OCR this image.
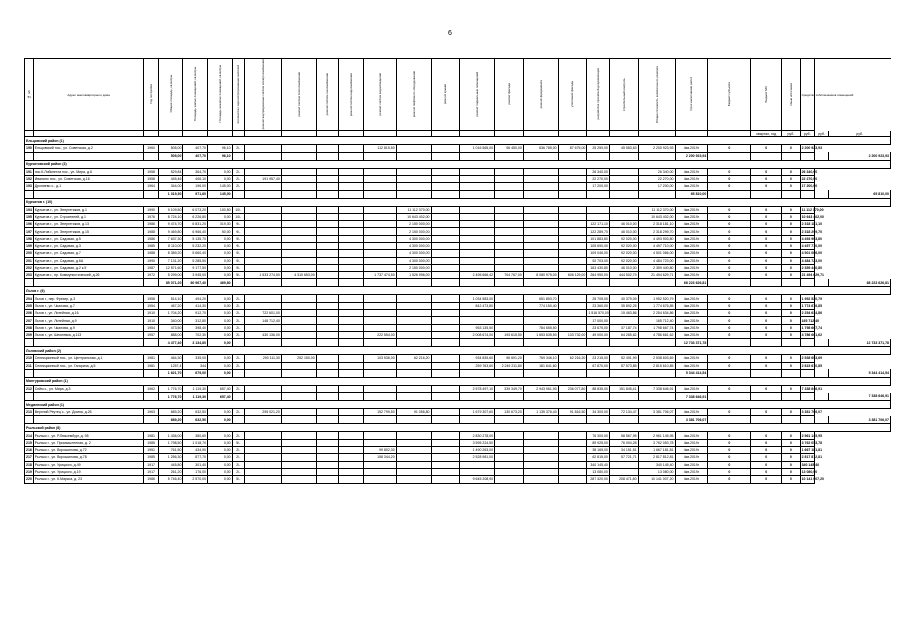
6
№ п/п	Адрес многоквартирного дома	Год постройки	Общая площадь, кв.метры	Площадь жилых помещений, кв.метры	Площадь нежилых помещений, кв.метры	Количество зарегистрированных жителей	ремонт внутридомовых систем электроснабжения	ремонт систем теплоснабжения	ремонт систем газоснабжения	ремонт систем водоснабжения	ремонт систем водоотведения	ремонт лифтового оборудования	ремонт крыши	ремонт подвальных помещений	ремонт фасада	ремонт фундамента	утепление фасада	разработка проектной документации	строительный контроль	Общая стоимость капитального ремонта	Срок выполнения работ	Бюджет субъекта	Бюджет МО	Иные источники	Средства собственников помещений		
																							квартал, год	руб.	руб.	руб.	руб.
Ельцовский район (1)																											
190	Ельцовский пос., ул. Советская, д.2	1960	505,00	407,70	96,10	2/-					112 815,50			1 016 565,00	96 450,00	636 785,00	87 675,00	25 259,00	45 583,63	2 200 923,93	4кв.2019г	0	0	0	2 200 923,93		
			505,00	407,70	96,10																2 200 923,93						2 200 923,93
Курчатовский район (3)																											
191	пос.К.Либкнехта пос., ул. Мира, д.6	1958	529,84	364,70	0,00	2/-												26 340,00		26 340,00	4кв.2019г	0	0	0	26 340,00		
192	Иванино пос., ул. Советская, д.16	1958	445,46	406,10	0,00	2/-	191 957,40											22 270,00		22 270,00	4кв.2019г	0	0	0	22 270,00		
193	Дроняево с., д.1	1964	344,00	196,00	145,00	2/-												17 200,00		17 200,00	4кв.2019г	0	0	0	17 200,00		
			1 319,30	971,60	145,00																65 810,00						65 810,00
Курчатов г. (10)																											
194	Курчатов г., ул. Энергетиков, д.1	1990	9 109,50	6 073,20	100,50	10/-						11 112 370,00								11 112 370,00	4кв.2019г	0	0	0	11 112 370,00		
195	Курчатов г., ул. Строителей, д.1	1976	8 724,10	6 226,80	0,00	10/-						10 643 402,00								10 643 402,00	4кв.2019г	0	0	0	10 643 402,00		
196	Курчатов г., ул. Энергетиков, д.13	1986	9 474,70	6 831,20	319,30	9/-						2 150 000,00						122 171,10	46 010,00	2 318 181,10	4кв.2019г	0	0	0	2 318 181,10		
197	Курчатов г., ул. Энергетиков, д.15	1988	9 469,80	6 966,40	50,00	9/-						2 150 000,00						122 289,70	46 010,00	2 318 299,70	4кв.2019г	0	0	0	2 318 299,70		
198	Курчатов г., ул. Садовая, д.5	1986	7 637,30	5 135,70	0,00	9/-						4 300 000,00						101 883,80	92 020,00	4 493 903,80	4кв.2019г	0	0	0	4 493 903,80		
199	Курчатов г., ул. Садовая, д.3	1985	8 110,00	5 232,20	0,00	9/-						4 300 000,00						105 690,00	92 020,00	4 497 710,00	4кв.2019г	0	0	0	4 497 710,00		
200	Курчатов г., ул. Садовая, д.7	1988	8 389,20	5 660,40	0,00	9/-						4 300 000,00						109 046,00	92 020,00	4 501 066,00	4кв.2019г	0	0	0	4 501 066,00		
201	Курчатов г., ул. Садовая, д.6А	1990	7 131,20	5 285,50	0,00	9/-						4 300 000,00						92 703,00	92 020,00	4 484 723,00	4кв.2019г	0	0	0	4 484 723,00		
202	Курчатов г., ул. Садовая, д.2 к.5	1987	12 571,60	9 177,50	0,00	9/-						2 150 000,00						163 430,80	46 010,00	2 359 440,80	4кв.2019г	0	0	0	2 359 440,80		
203	Курчатов г., пр. Коммунистический, д.26	1972	5 299,00	3 945,00	0,00	5/-	1 533 274,50	4 310 653,00			1 737 474,50	1 526 996,00		2 495 666,42	704 767,00	8 080 975,00	606 129,00	264 950,00	444 502,79	21 494 629,71	4кв.2019г	0	0	0	21 494 629,71		
			85 071,20	60 967,40	469,80																68 223 626,81						68 223 626,81
Льгов г. (6)																											
204	Льгов г., пер. Фрезер, д.3	1958	514,10	494,20	0,00	2/-								1 034 583,00		651 853,70		25 705,00	40 379,09	1 952 520,79	4кв.2019г	0	0	0	1 952 520,79		
205	Льгов г., ул. Чкалова, д.7	1954	467,20	414,30	0,00	2/-								842 473,80		774 150,40		23 360,00	35 892,25	1 774 676,85	4кв.2019г	0	0	0	1 774 676,85		
206	Льгов г., ул. Литейная, д.16	1910	1 704,20	912,70	0,00	2/-	722 601,00											1 516 570,00	15 463,86	2 254 634,86	4кв.2019г	0	0	0	2 254 634,86		
207	Льгов г., ул. Литейная, д.9	1910	340,00	312,80	0,00	2/-	148 712,40											17 000,00		165 712,40	4кв.2019г	0	0	0	165 712,40		
208	Льгов г., ул. Чкалова, д.9	1954	473,50	398,40	0,00	2/-								953 135,50		784 655,50		23 675,00	37 187,74	1 798 667,74	4кв.2019г	0	0	0	1 798 667,74		
209	Льгов г., ул. Шпилевка, д.113	1957	888,00	702,30	0,00	2/-	430 136,00				222 554,00			2 008 674,00	193 615,50	1 653 635,50	133 732,00	49 000,00	64 265,62	4 786 661,62	4кв.2019г	0	0	0	4 786 661,62		
			4 477,40	3 134,80	0,00																12 733 371,78						12 733 371,78
Льговский район (2)																											
210	Селекционный пос., ул. Центральная, д.1	1981	464,30	335,00	0,00	2/-	290 111,30	252 150,00			103 536,00	62 216,20		934 835,60	96 691,20	769 346,10	62 216,20	23 215,00	52 491,99	2 538 603,69	4кв.2019г	0	0	0	2 538 603,69		
211	Селекционный пос., ул. Гагарина, д.5	1981	1257,4	344	0,00	2/-								259 763,60	2 249 211,80	181 641,60		67 870,00	57 573,85	2 815 610,85	4кв.2019г	0	0	0	2 815 610,85		
			1 621,70	679,00	0,00																5 344 414,54						5 344 414,54
Мантуровский район (1)																											
212	Сейм с., ул. Мира, д.3	1962	1 776,70	1 119,30	657,40	2/-								2 578 497,10	339 349,70	2 943 961,90	236 077,80	88 835,00	151 845,41	7 338 646,91	4кв.2019г	0	0	0	7 338 646,91		
			1 776,70	1 119,30	657,40																7 338 646,91						7 338 646,91
Медвенский район (1)																											
213	Верхний Реутец с., ул. Домна, д.26	1963	689,20	632,50	0,00	2/-	295 021,20				152 799,50	91 056,80		1 679 307,60	130 673,20	1 135 376,40	91 816,50	34 300,00	72 134,47	3 381 706,07	4кв.2019г	0	0	0	3 381 706,07		
			689,20	632,50	0,00																3 381 706,07						3 381 706,07
Рыльский район (8)																											
214	Рыльск г., ул. Р.Люксембург, д. 95	1981	1 436,00	380,60	0,00	2/-								2 830 278,00				76 300,00	58 567,95	2 961 145,95	4кв.2019г	0	0	0	2 961 145,95		
215	Рыльск г., ул. Промышленная, д. 2	1985	1 798,50	1 018,70	0,00	5/-								3 595 224,50				89 925,00	76 904,28	3 762 053,78	4кв.2019г	0	0	0	3 762 053,78		
216	Рыльск г., ул. Ворошилова, д.72	1951	761,50	434,90	0,00	2/-					99 802,30			1 490 263,00				38 165,00	34 151,51	1 667 181,81	4кв.2019г	0	0	0	1 667 181,81		
217	Рыльск г., ул. Ворошилова, д.78	1985	1 256,30	877,70	0,00	2/-					158 344,20			2 528 981,00				62 815,00	57 721,71	2 817 812,81	4кв.2019г	0	0	0	2 817 812,81		
218	Рыльск г., ул. Урицкого, д.49	1917	445,80	301,40	0,00	2/-												340 145,40		340 145,40	4кв.2019г	0	0	0	340 145,40		
219	Рыльск г., ул. Урицкого, д.19	1917	261,20	176,00	0,00	2/-												13 080,00		13 080,00	4кв.2019г	0	0	0	13 080,00		
220	Рыльск г., ул. К.Маркса, д. 23	1986	5 746,40	2 570,00	0,00	5/-								9 645 208,90				287 320,00	208 471,80	10 141 007,20	4кв.2019г	0	0	0	10 141 007,20		
